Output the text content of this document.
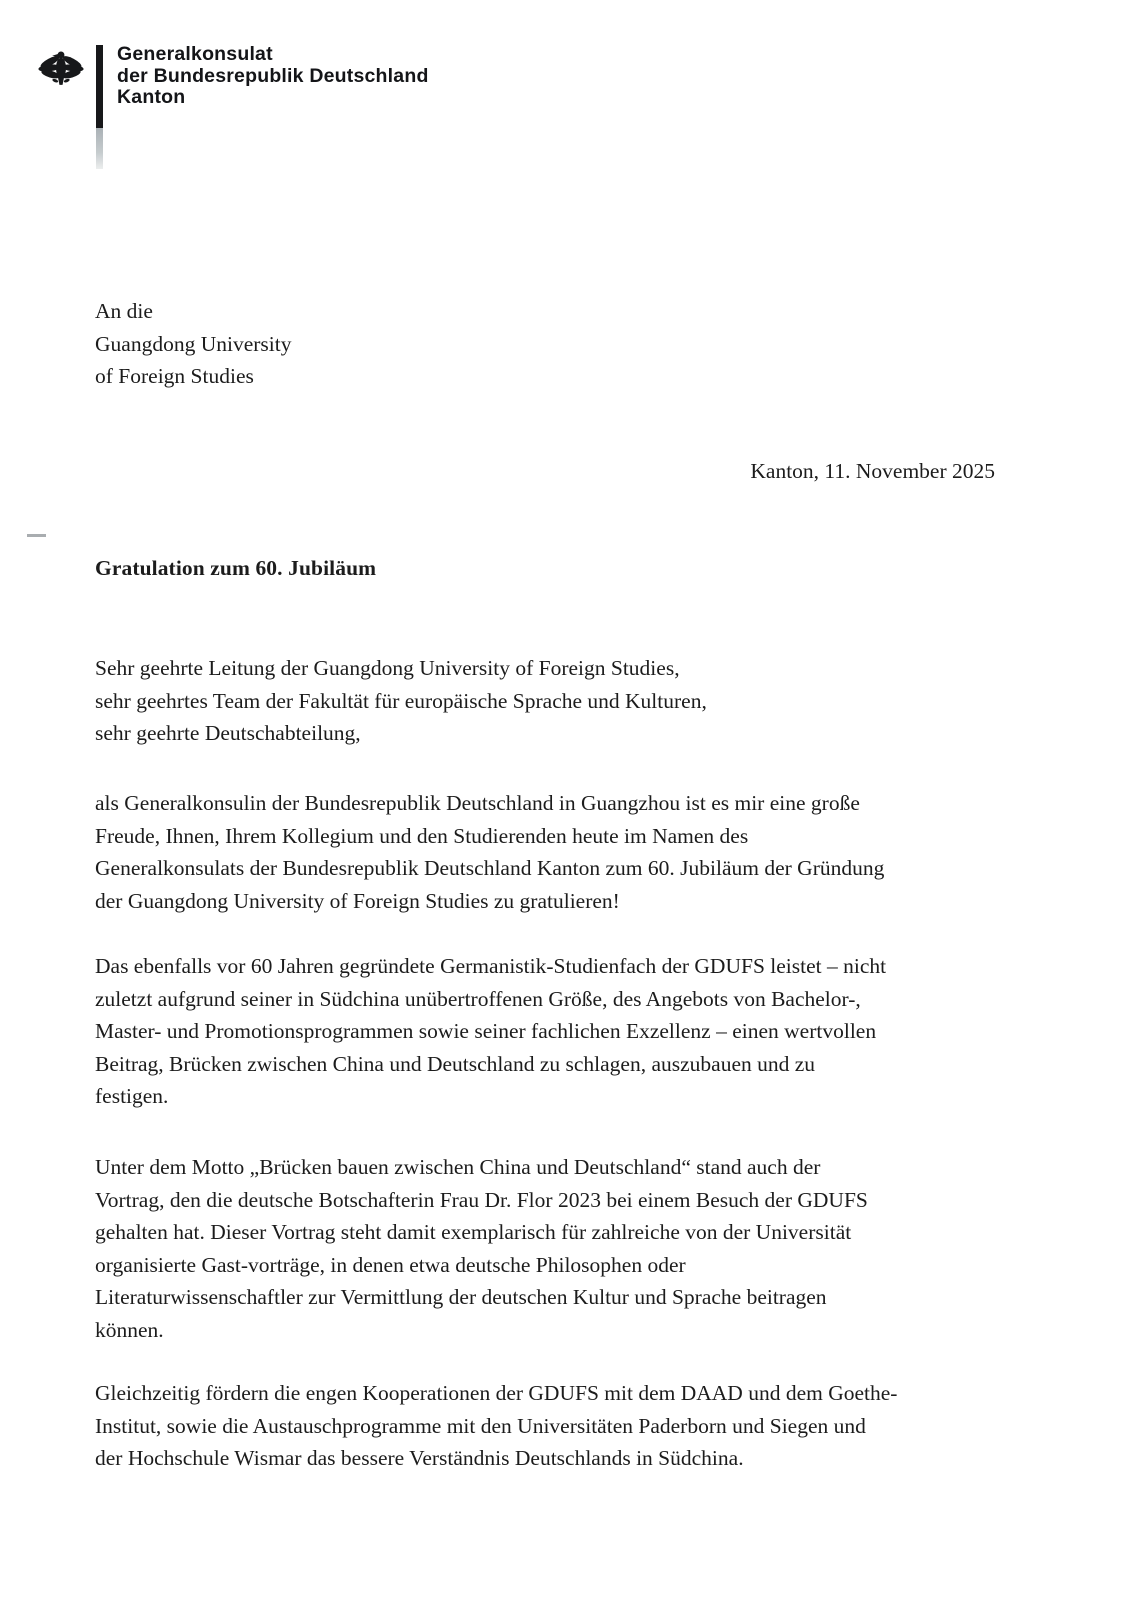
Generalkonsulat
der Bundesrepublik Deutschland
Kanton
An die
Guangdong University
of Foreign Studies
Kanton, 11. November 2025
Gratulation zum 60. Jubiläum
Sehr geehrte Leitung der Guangdong University of Foreign Studies,
sehr geehrtes Team der Fakultät für europäische Sprache und Kulturen,
sehr geehrte Deutschabteilung,
als Generalkonsulin der Bundesrepublik Deutschland in Guangzhou ist es mir eine große
Freude, Ihnen, Ihrem Kollegium und den Studierenden heute im Namen des
Generalkonsulats der Bundesrepublik Deutschland Kanton zum 60. Jubiläum der Gründung
der Guangdong University of Foreign Studies zu gratulieren!
Das ebenfalls vor 60 Jahren gegründete Germanistik-Studienfach der GDUFS leistet – nicht
zuletzt aufgrund seiner in Südchina unübertroffenen Größe, des Angebots von Bachelor-,
Master- und Promotionsprogrammen sowie seiner fachlichen Exzellenz – einen wertvollen
Beitrag, Brücken zwischen China und Deutschland zu schlagen, auszubauen und zu
festigen.
Unter dem Motto „Brücken bauen zwischen China und Deutschland“ stand auch der
Vortrag, den die deutsche Botschafterin Frau Dr. Flor 2023 bei einem Besuch der GDUFS
gehalten hat. Dieser Vortrag steht damit exemplarisch für zahlreiche von der Universität
organisierte Gast-vorträge, in denen etwa deutsche Philosophen oder
Literaturwissenschaftler zur Vermittlung der deutschen Kultur und Sprache beitragen
können.
Gleichzeitig fördern die engen Kooperationen der GDUFS mit dem DAAD und dem Goethe-
Institut, sowie die Austauschprogramme mit den Universitäten Paderborn und Siegen und
der Hochschule Wismar das bessere Verständnis Deutschlands in Südchina.
